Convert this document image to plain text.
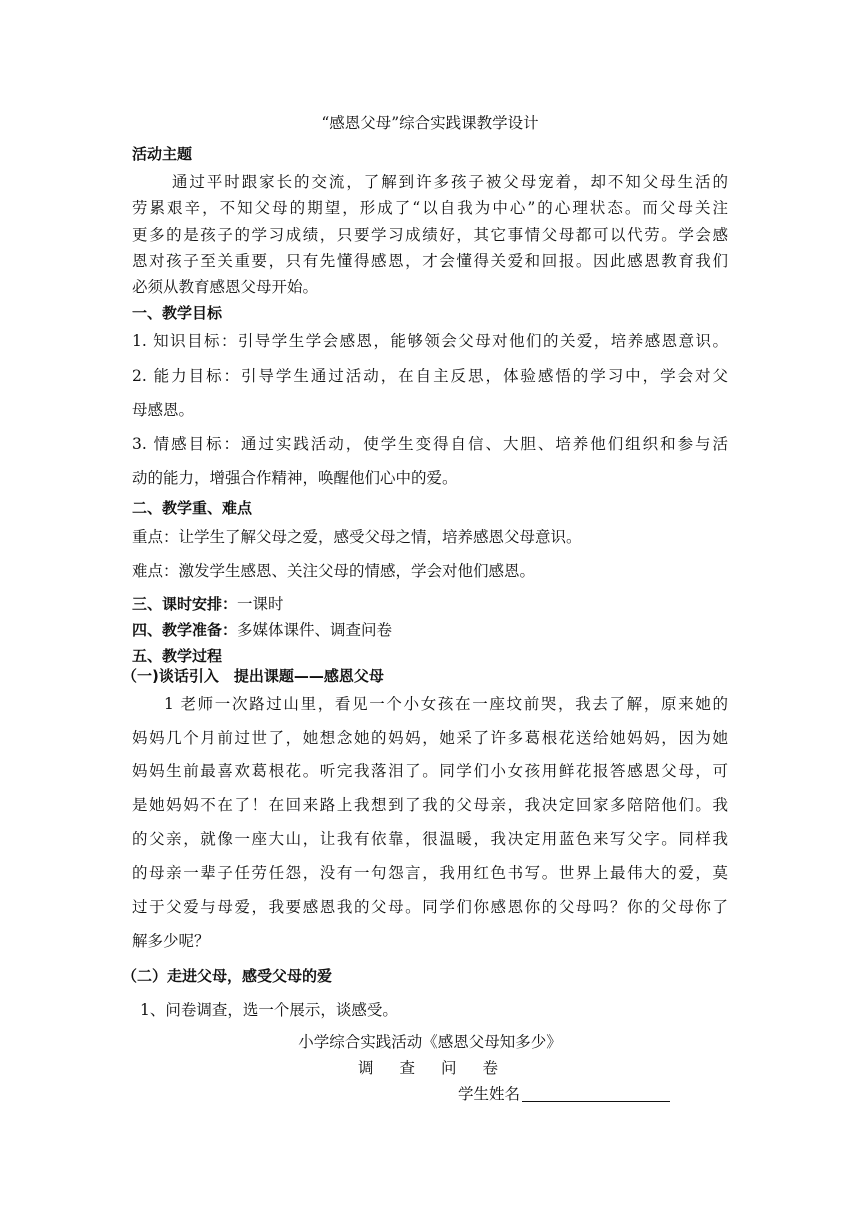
“感恩父母”综合实践课教学设计
活动主题
通过平时跟家长的交流，了解到许多孩子被父母宠着，却不知父母生活的
劳累艰辛，不知父母的期望，形成了“以自我为中心”的心理状态。而父母关注
更多的是孩子的学习成绩，只要学习成绩好，其它事情父母都可以代劳。学会感
恩对孩子至关重要，只有先懂得感恩，才会懂得关爱和回报。因此感恩教育我们
必须从教育感恩父母开始。
一、教学目标
1. 知识目标：引导学生学会感恩，能够领会父母对他们的关爱，培养感恩意识。
2. 能力目标：引导学生通过活动，在自主反思，体验感悟的学习中，学会对父
母感恩。
3. 情感目标：通过实践活动，使学生变得自信、大胆、培养他们组织和参与活
动的能力，增强合作精神，唤醒他们心中的爱。
二、教学重、难点
重点：让学生了解父母之爱，感受父母之情，培养感恩父母意识。
难点：激发学生感恩、关注父母的情感，学会对他们感恩。
三、课时安排：一课时
四、教学准备：多媒体课件、调查问卷
五、教学过程
（一)谈话引入　提出课题——感恩父母
1 老师一次路过山里，看见一个小女孩在一座坟前哭，我去了解，原来她的
妈妈几个月前过世了，她想念她的妈妈，她采了许多葛根花送给她妈妈，因为她
妈妈生前最喜欢葛根花。听完我落泪了。同学们小女孩用鲜花报答感恩父母，可
是她妈妈不在了！在回来路上我想到了我的父母亲，我决定回家多陪陪他们。我
的父亲，就像一座大山，让我有依靠，很温暖，我决定用蓝色来写父字。同样我
的母亲一辈子任劳任怨，没有一句怨言，我用红色书写。世界上最伟大的爱，莫
过于父爱与母爱，我要感恩我的父母。同学们你感恩你的父母吗？你的父母你了
解多少呢？
（二）走进父母，感受父母的爱
1、问卷调查，选一个展示，谈感受。
小学综合实践活动《感恩父母知多少》
调查问卷
学生姓名
